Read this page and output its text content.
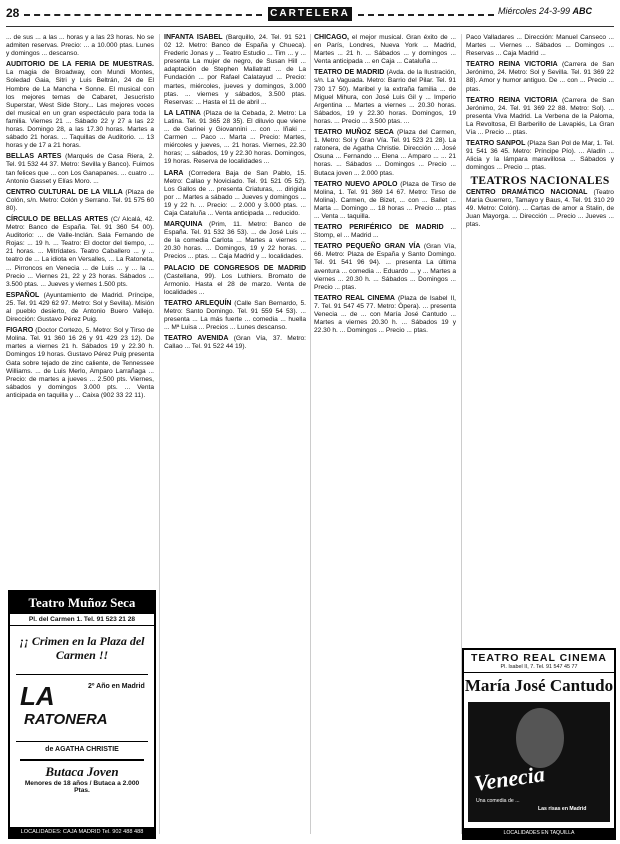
28	CARTELERA	Miércoles 24-3-99 ABC

... de sus ... a las ... horas y a las 23 horas. No se admiten reservas. Precio: ... a 10.000 ptas. Lunes y domingos ... descanso.

AUDITORIO DE LA FERIA DE MUESTRAS. La magia de Broadway, con Mundi Montes, Soledad Gaia, Sitri y Luis Beltrán, 24 de El Hombre de La Mancha • Sonne. El musical con los mejores temas de Cabaret, Jesucristo Superstar, West Side Story... Las mejores voces del musical en un gran espectáculo para toda la familia. Viernes 21 ... Sábado 22 y 27 a las 22 horas. Domingo 28, a las 17.30 horas. Martes a sábado 21 horas. ... Taquillas de Auditorio. ... 13 horas y de 17 a 21 horas.

BELLAS ARTES (Marqués de Casa Riera, 2. Tel. 91 532 44 37. Metro: Sevilla y Banco). Fuimos tan felices que ... con Los Ganapanes. ... cuatro ... Antonio Gasset y Elías Moro. ...

CENTRO CULTURAL DE LA VILLA (Plaza de Colón, s/n. Metro: Colón y Serrano. Tel. 91 575 60 80).

CÍRCULO DE BELLAS ARTES (C/ Alcalá, 42. Metro: Banco de España. Tel. 91 360 54 00). Auditorio: ... de Valle-Inclán. Sala Fernando de Rojas: ... 19 h. ... Teatro: El doctor del tiempo, ... 21 horas. ... Mitrídates. Teatro Caballero ... y ... teatro de ... La idiota en Versalles, ... La Ratoneta, ... Pirroncos en Venecia ... de Luis ... y ... la ... Precio ... Viernes 21, 22 y 23 horas. Sábados ... 3.500 ptas. ... Jueves y viernes 1.500 pts.

ESPAÑOL (Ayuntamiento de Madrid. Príncipe, 25. Tel. 91 429 62 97. Metro: Sol y Sevilla). Misión al pueblo desierto, de Antonio Buero Vallejo. Dirección: Gustavo Pérez Puig.

FIGARO (Doctor Cortezo, 5. Metro: Sol y Tirso de Molina. Tel. 91 360 16 26 y 91 429 23 12). De martes a viernes 21 h. Sábados 19 y 22.30 h. Domingos 19 horas. Gustavo Pérez Puig presenta Gata sobre tejado de zinc caliente, de Tennessee Williams. ... de Luis Merlo, Amparo Larrañaga ... Precio: de martes a jueves ... 2.500 pts. Viernes, sábados y domingos 3.000 pts. ... Venta anticipada en taquilla y ... Caixa (902 33 22 11).

INFANTA ISABEL (Barquillo, 24. Tel. 91 521 02 12. Metro: Banco de España y Chueca). Frederic Jonas y ... Teatro Estudio ... Tim ... y ... presenta La mujer de negro, de Susan Hill ... adaptación de Stephen Mallatratt ... de La Fundación ... por Rafael Calatayud ... Precio: martes, miércoles, jueves y domingos, 3.000 ptas. ... viernes y sábados, 3.500 ptas. Reservas: ... Hasta el 11 de abril ...

LA LATINA (Plaza de la Cebada, 2. Metro: La Latina. Tel. 91 365 28 35). El diluvio que viene ... de Garinei y Giovannini ... con ... Iñaki ... Carmen ... Paco ... Marta ... Precio: Martes, miércoles y jueves, ... 21 horas. Viernes, 22.30 horas; ... sábados, 19 y 22.30 horas. Domingos, 19 horas. Reserva de localidades ...

LARA (Corredera Baja de San Pablo, 15. Metro: Callao y Noviciado. Tel. 91 521 05 52). Los Gallos de ... presenta Criaturas, ... dirigida por ... Martes a sábado ... Jueves y domingos ... 19 y 22 h. ... Precio: ... 2.000 y 3.000 ptas. ... Caja Cataluña ... Venta anticipada ... reducido.

MARQUINA (Prim, 11. Metro: Banco de España. Tel. 91 532 36 53). ... de José Luis ... de la comedia Carlota ... Martes a viernes ... 20.30 horas. ... Domingos, 19 y 22 horas. ... Precios ... ptas. ... Caja Madrid y ... localidades.

PALACIO DE CONGRESOS DE MADRID (Castellana, 99). Los Luthiers. Bromato de Armonio. Hasta el 28 de marzo. Venta de localidades ...

TEATRO ARLEQUÍN (Calle San Bernardo, 5. Metro: Santo Domingo. Tel. 91 559 54 53). ... presenta ... La más fuerte ... comedia ... huella ... Mª Luisa ... Precios ... Lunes descanso.

TEATRO AVENIDA (Gran Vía, 37. Metro: Callao ... Tel. 91 522 44 19).

CHICAGO, el mejor musical. Gran éxito de ... en París, Londres, Nueva York ... Madrid, Martes ... 21 h. ... Sábados ... y domingos ... Venta anticipada ... en Caja ... Cataluña ...

TEATRO DE MADRID (Avda. de la Ilustración, s/n. La Vaguada. Metro: Barrio del Pilar. Tel. 91 730 17 50). Maribel y la extraña familia ... de Miguel Mihura, con José Luis Gil y ... Imperio Argentina ... Martes a viernes ... 20.30 horas. Sábados, 19 y 22.30 horas. Domingos, 19 horas. ... Precio ... 3.500 ptas. ...

TEATRO MUÑOZ SECA (Plaza del Carmen, 1. Metro: Sol y Gran Vía. Tel. 91 523 21 28). La ratonera, de Agatha Christie. Dirección ... José Osuna ... Fernando ... Elena ... Amparo ... ... 21 horas. ... Sábados ... Domingos ... Precio ... Butaca joven ... 2.000 ptas.

TEATRO NUEVO APOLO (Plaza de Tirso de Molina, 1. Tel. 91 369 14 67. Metro: Tirso de Molina). Carmen, de Bizet, ... con ... Ballet ... Marta ... Domingo ... 18 horas ... Precio ... ptas ... Venta ... taquilla.

TEATRO PERIFÉRICO DE MADRID ... Stomp, el ... Madrid ...

TEATRO PEQUEÑO GRAN VÍA (Gran Vía, 66. Metro: Plaza de España y Santo Domingo. Tel. 91 541 96 94). ... presenta La última aventura ... comedia ... Eduardo ... y ... Martes a viernes ... 20.30 h. ... Sábados ... Domingos ... Precio ... ptas.

TEATRO REAL CINEMA (Plaza de Isabel II, 7. Tel. 91 547 45 77. Metro: Ópera). ... presenta Venecia ... de ... con María José Cantudo ... Martes a viernes 20.30 h. ... Sábados 19 y 22.30 h. ... Domingos ... Precio ... ptas.

Paco Valladares ... Dirección: Manuel Canseco ... Martes ... Viernes ... Sábados ... Domingos ... Reservas ... Caja Madrid ...

TEATRO REINA VICTORIA (Carrera de San Jerónimo, 24. Metro: Sol y Sevilla. Tel. 91 369 22 88). Amor y humor antiguo. De ... con ... Precio ... ptas.

TEATRO REINA VICTORIA (Carrera de San Jerónimo, 24. Tel. 91 369 22 88. Metro: Sol). ... presenta Viva Madrid. La Verbena de la Paloma, La Revoltosa, El Barberillo de Lavapiés, La Gran Vía ... Precio ... ptas.

TEATRO SANPOL (Plaza San Pol de Mar, 1. Tel. 91 541 36 45. Metro: Príncipe Pío). ... Aladín ... Alicia y la lámpara maravillosa ... Sábados y domingos ... Precio ... ptas.

TEATROS NACIONALES

CENTRO DRAMÁTICO NACIONAL (Teatro María Guerrero, Tamayo y Baus, 4. Tel. 91 310 29 49. Metro: Colón). ... Cartas de amor a Stalin, de Juan Mayorga. ... Dirección ... Precio ... Jueves ... ptas.

Teatro Muñoz Seca
Pl. del Carmen 1. Tel. 91 523 21 28
¡¡ Crimen en la Plaza del Carmen !!
LA
RATONERA
2º Año en Madrid
de AGATHA CHRISTIE
Butaca Joven
Menores de 18 años / Butaca a 2.000 Ptas.
LOCALIDADES: CAJA MADRID Tel. 902 488 488
TEATRO REAL CINEMA
Pl. Isabel II, 7. Tel. 91 547 45 77
María José Cantudo
Venecia
Una comedia de ...
Las risas en Madrid
LOCALIDADES EN TAQUILLA
